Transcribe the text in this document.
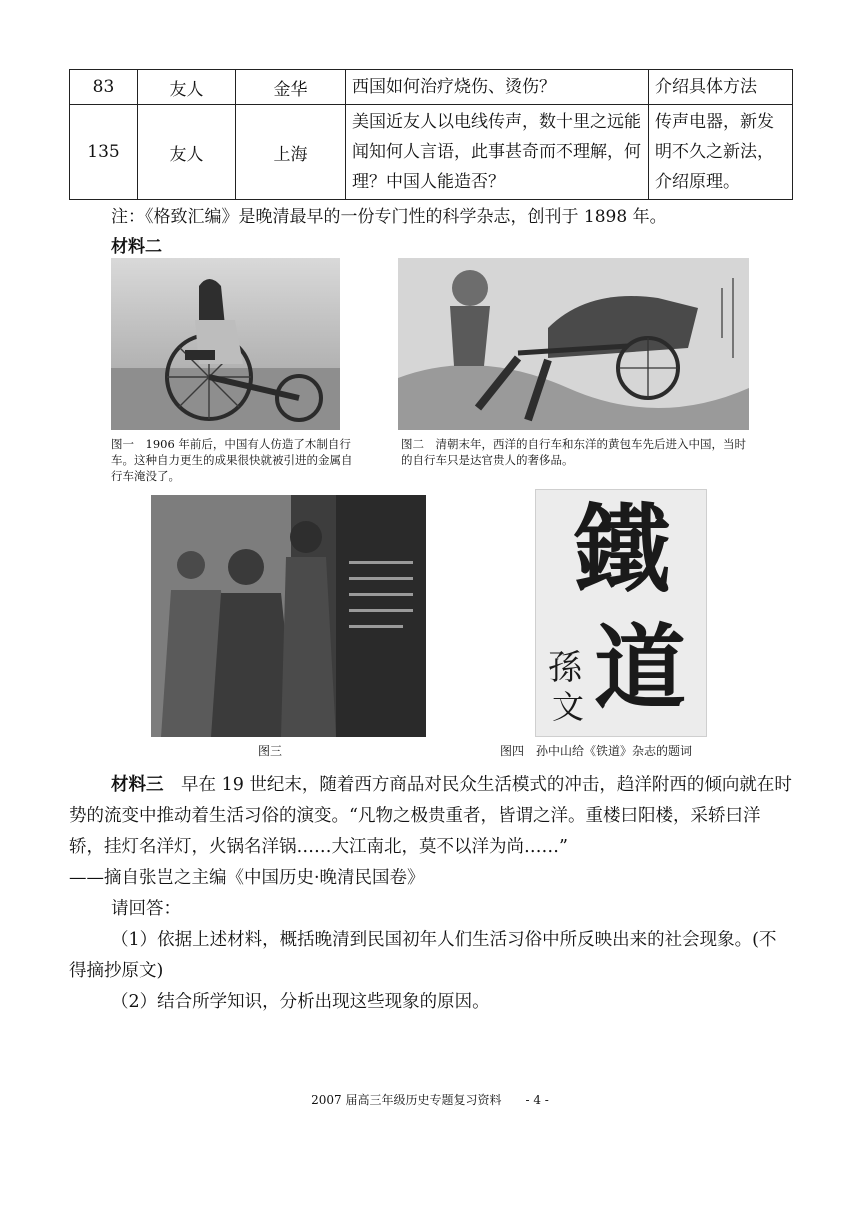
83	友人	金华	西国如何治疗烧伤、烫伤？	介绍具体方法
135	友人	上海	美国近友人以电线传声，数十里之远能闻知何人言语，此事甚奇而不理解，何理？中国人能造否？	传声电器，新发明不久之新法，介绍原理。
注：《格致汇编》是晚清最早的一份专门性的科学杂志，创刊于 1898 年。
材料二
图一　1906 年前后，中国有人仿造了木制自行车。这种自力更生的成果很快就被引进的金属自行车淹没了。
图二　清朝末年，西洋的自行车和东洋的黄包车先后进入中国，当时的自行车只是达官贵人的奢侈品。
图三
鐵
道
孫
文
图四　孙中山给《铁道》杂志的题词
材料三　早在 19 世纪末，随着西方商品对民众生活模式的冲击，趋洋附西的倾向就在时势的流变中推动着生活习俗的演变。“凡物之极贵重者，皆谓之洋。重楼曰阳楼，采轿曰洋轿，挂灯名洋灯，火锅名洋锅……大江南北，莫不以洋为尚……”
——摘自张岂之主编《中国历史·晚清民国卷》
请回答：
（1）依据上述材料，概括晚清到民国初年人们生活习俗中所反映出来的社会现象。(不得摘抄原文)
（2）结合所学知识，分析出现这些现象的原因。
2007 届高三年级历史专题复习资料　　- 4 -
